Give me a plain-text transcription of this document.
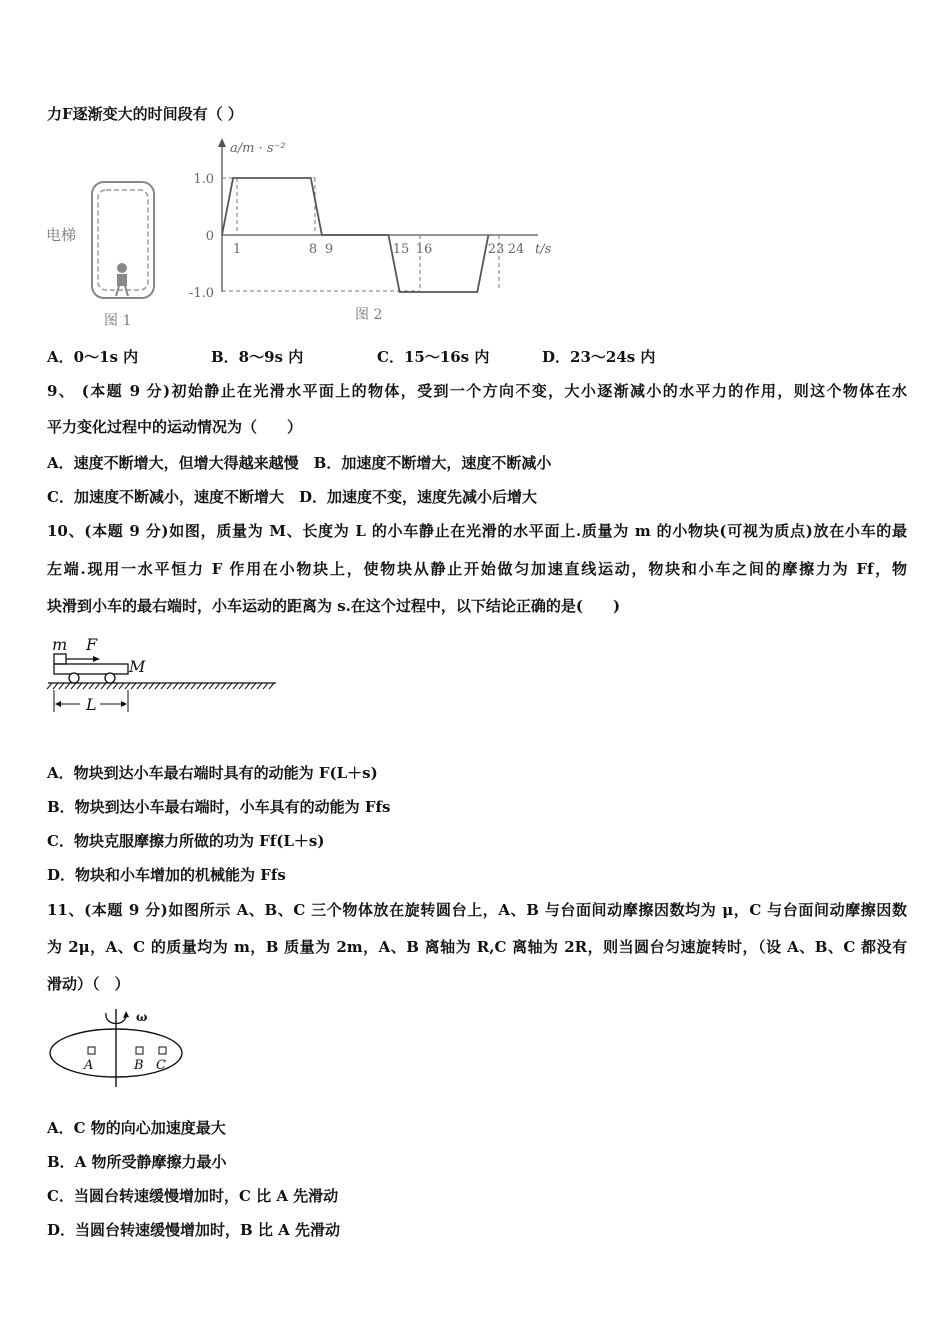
力F逐渐变大的时间段有（ ）
电梯
图 1
a/m · s⁻²
t/s
1.0
0
-1.0
1	8 9	15 16	23 24
图 2
A．0～1s 内	B．8～9s 内	C．15～16s 内	D．23～24s 内
9、 (本题 9 分)初始静止在光滑水平面上的物体，受到一个方向不变，大小逐渐减小的水平力的作用，则这个物体在水
平力变化过程中的运动情况为（　　）
A．速度不断增大，但增大得越来越慢　B．加速度不断增大，速度不断减小
C．加速度不断减小，速度不断增大　D．加速度不变，速度先减小后增大
10、(本题 9 分)如图，质量为 M、长度为 L 的小车静止在光滑的水平面上.质量为 m 的小物块(可视为质点)放在小车的最
左端.现用一水平恒力 F 作用在小物块上，使物块从静止开始做匀加速直线运动，物块和小车之间的摩擦力为 Ff，物
块滑到小车的最右端时，小车运动的距离为 s.在这个过程中，以下结论正确的是(　　)
m F
M
L
A．物块到达小车最右端时具有的动能为 F(L＋s)
B．物块到达小车最右端时，小车具有的动能为 Ffs
C．物块克服摩擦力所做的功为 Ff(L＋s)
D．物块和小车增加的机械能为 Ffs
11、(本题 9 分)如图所示 A、B、C 三个物体放在旋转圆台上，A、B 与台面间动摩擦因数均为 μ，C 与台面间动摩擦因数
为 2μ，A、C 的质量均为 m，B 质量为 2m，A、B 离轴为 R,C 离轴为 2R，则当圆台匀速旋转时，（设 A、B、C 都没有
滑动）（　）
ω
A	B C
A．C 物的向心加速度最大
B．A 物所受静摩擦力最小
C．当圆台转速缓慢增加时，C 比 A 先滑动
D．当圆台转速缓慢增加时，B 比 A 先滑动
